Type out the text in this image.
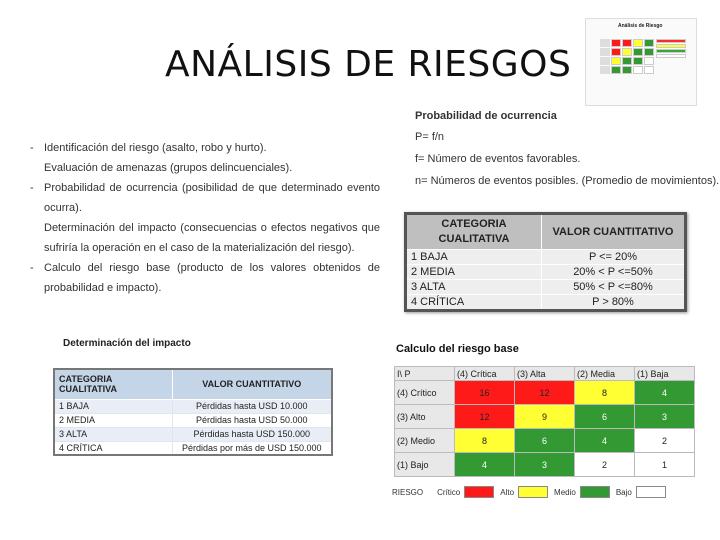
ANÁLISIS DE RIESGOS
Análisis de Riesgo
- Identificación del riesgo (asalto, robo y hurto).
Evaluación de amenazas (grupos delincuenciales).
- Probabilidad de ocurrencia (posibilidad de que determinado evento ocurra).
Determinación del impacto (consecuencias o efectos negativos que sufriría la operación en el caso de la materialización del riesgo).
- Calculo del riesgo base (producto de los valores obtenidos de probabilidad e impacto).
Probabilidad de ocurrencia
P= f/n
f= Número de eventos favorables.
n= Números de eventos posibles. (Promedio de movimientos).
CATEGORIA CUALITATIVA	VALOR CUANTITATIVO
1 BAJA	P <= 20%
2 MEDIA	20% < P <=50%
3 ALTA	50% < P <=80%
4 CRÍTICA	P > 80%
Determinación del impacto
CATEGORIA CUALITATIVA	VALOR CUANTITATIVO
1 BAJA	Pérdidas hasta USD 10.000
2 MEDIA	Pérdidas hasta USD 50.000
3 ALTA	Pérdidas hasta USD 150.000
4 CRÍTICA	Pérdidas por más de USD 150.000
Calculo del riesgo base
I\ P	(4) Crítica	(3) Alta	(2) Media	(1) Baja
(4) Crítico	16	12	8	4
(3) Alto	12	9	6	3
(2) Medio	8	6	4	2
(1) Bajo	4	3	2	1
RIESGO Crítico	Alto	Medio	Bajo
